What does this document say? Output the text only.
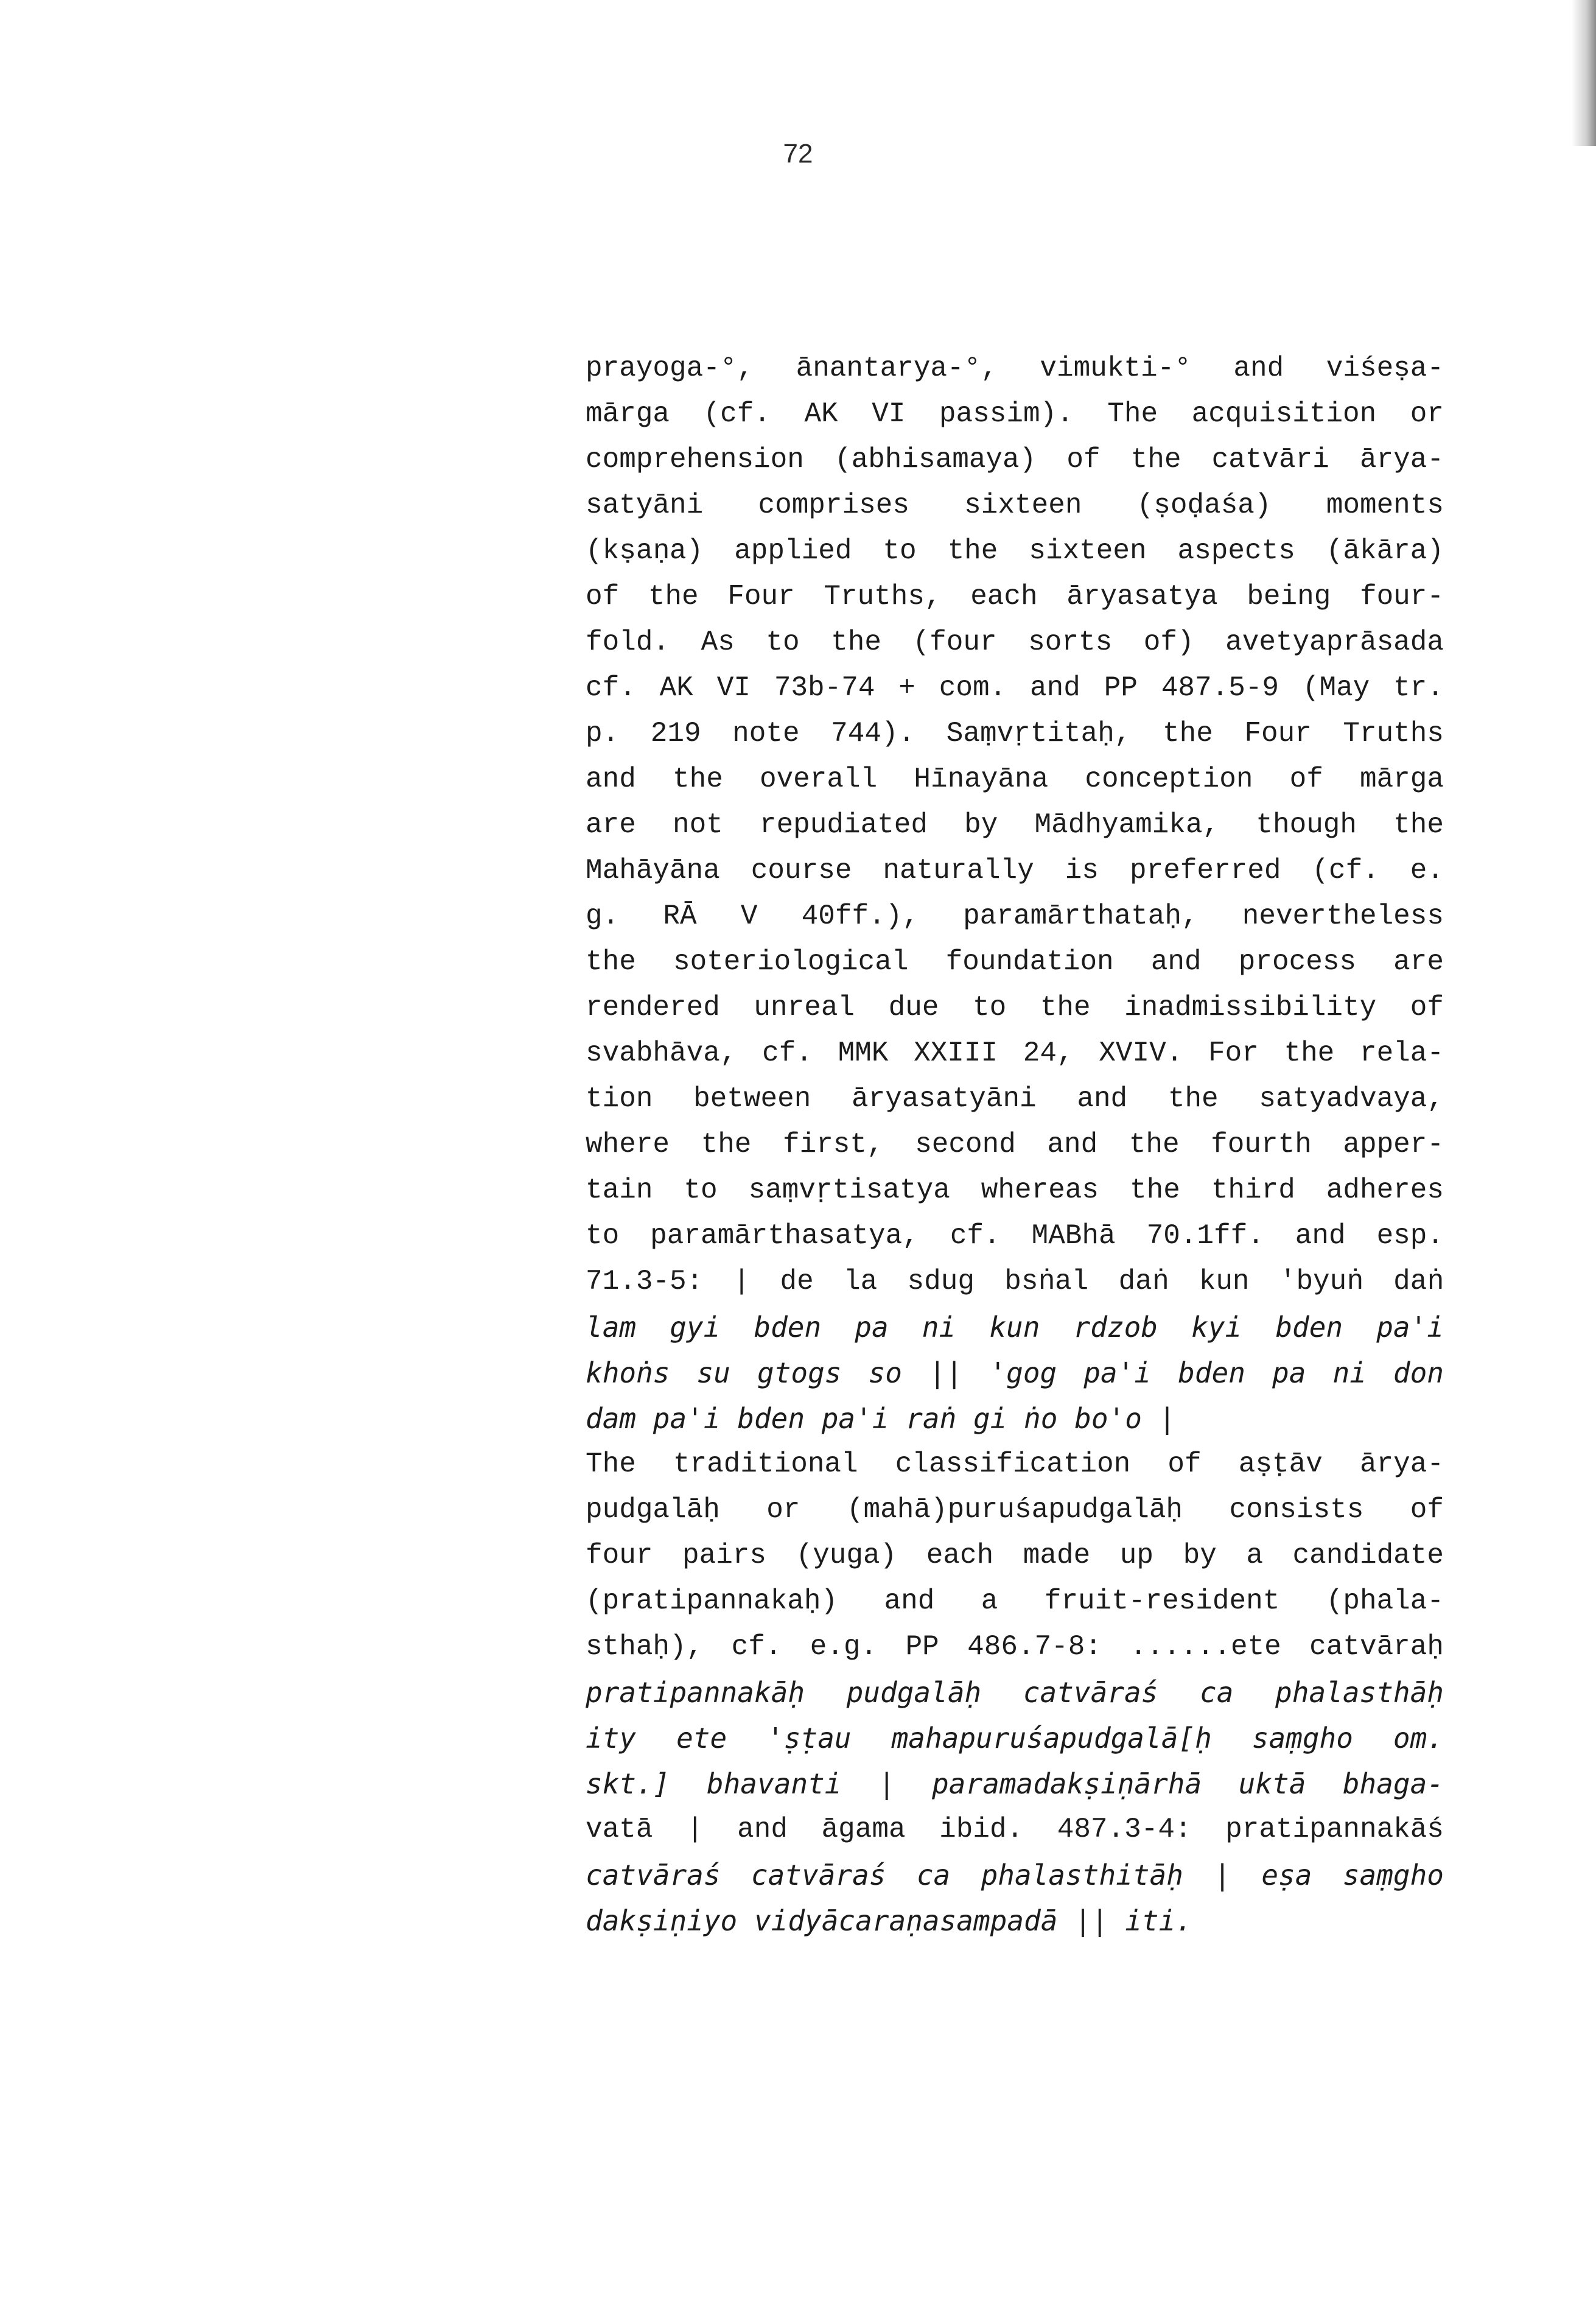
72
prayoga-°, ānantarya-°, vimukti-° and viśeṣa-
mārga (cf. AK VI passim). The acquisition or
comprehension (abhisamaya) of the catvāri ārya-
satyāni comprises sixteen (ṣoḍaśa) moments
(kṣaṇa) applied to the sixteen aspects (ākāra)
of the Four Truths, each āryasatya being four-
fold. As to the (four sorts of) avetyaprāsada
cf. AK VI 73b-74 + com. and PP 487.5-9 (May tr.
p. 219 note 744). Saṃvṛtitaḥ, the Four Truths
and the overall Hīnayāna conception of mārga
are not repudiated by Mādhyamika, though the
Mahāyāna course naturally is preferred (cf. e.
g. RĀ V 40ff.), paramārthataḥ, nevertheless
the soteriological foundation and process are
rendered unreal due to the inadmissibility of
svabhāva, cf. MMK XXIII 24, XVIV. For the rela-
tion between āryasatyāni and the satyadvaya,
where the first, second and the fourth apper-
tain to saṃvṛtisatya whereas the third adheres
to paramārthasatya, cf. MABhā 70.1ff. and esp.
71.3-5: | de la sdug bsṅal daṅ kun 'byuṅ daṅ
lam gyi bden pa ni kun rdzob kyi bden pa'i
khoṅs su gtogs so || 'gog pa'i bden pa ni don
dam pa'i bden pa'i raṅ gi ṅo bo'o |
The traditional classification of aṣṭāv ārya-
pudgalāḥ or (mahā)puruśapudgalāḥ consists of
four pairs (yuga) each made up by a candidate
(pratipannakaḥ) and a fruit-resident (phala-
sthaḥ), cf. e.g. PP 486.7-8: ......ete catvāraḥ
pratipannakāḥ pudgalāḥ catvāraś ca phalasthāḥ
ity ete 'ṣṭau mahapuruśapudgalā[ḥ saṃgho om.
skt.] bhavanti | paramadakṣiṇārhā uktā bhaga-
vatā | and āgama ibid. 487.3-4: pratipannakāś
catvāraś catvāraś ca phalasthitāḥ | eṣa saṃgho
dakṣiṇiyo vidyācaraṇasampadā || iti.
